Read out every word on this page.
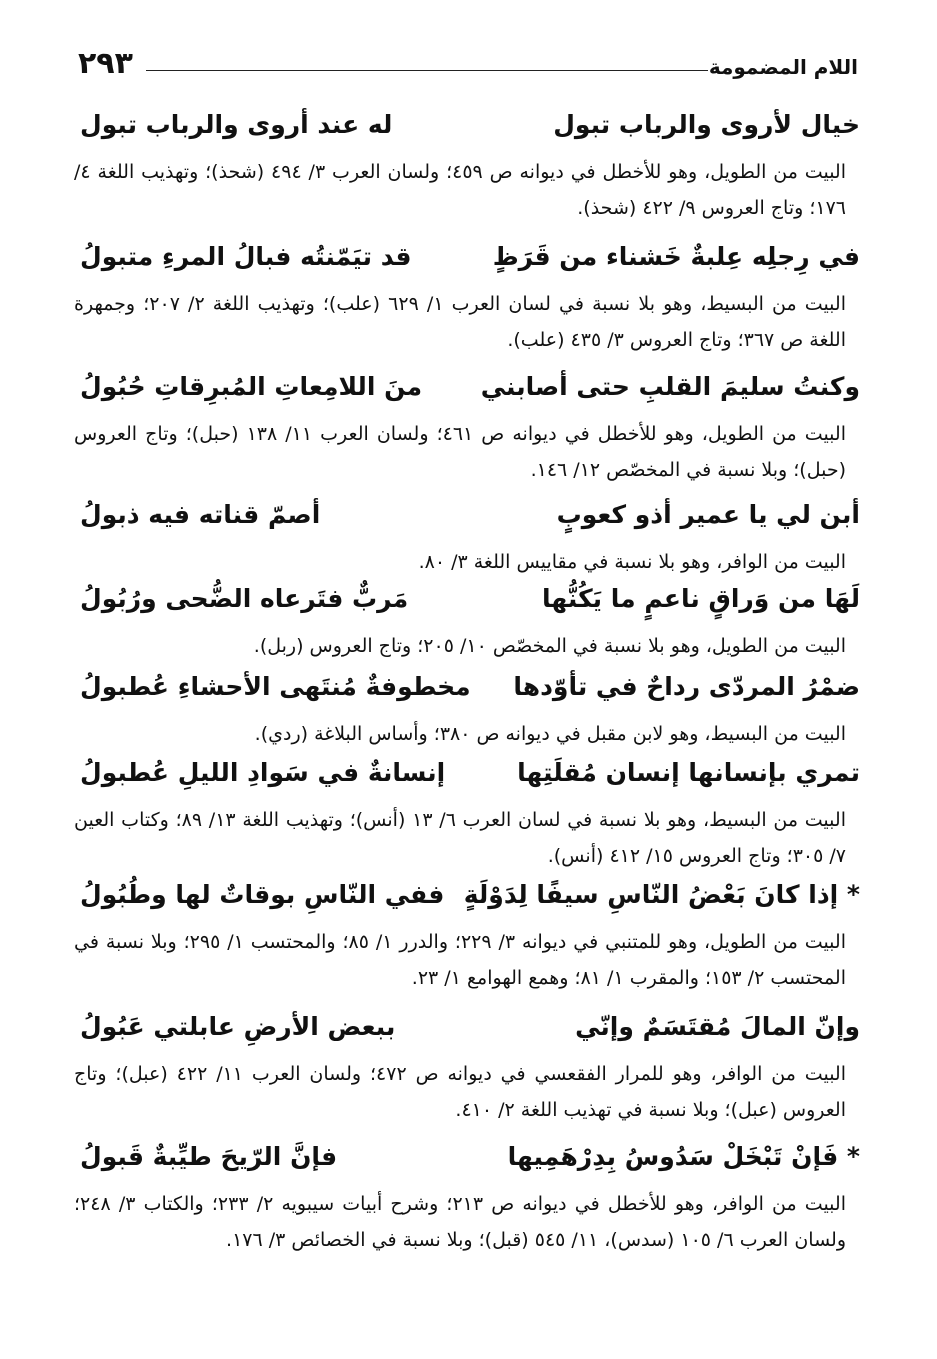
٢٩٣	اللام المضمومة
خيال لأروى والرباب تبول
له عند أروى والرباب تبول
البيت من الطويل، وهو للأخطل في ديوانه ص ٤٥٩؛ ولسان العرب ٣/ ٤٩٤ (شحذ)؛ وتهذيب اللغة ٤/ ١٧٦؛ وتاج العروس ٩/ ٤٢٢ (شحذ).
في رِجلِه عِلبةٌ خَشناء من قَرَظٍ
قد تيَمّنتُه فبالُ المرءِ متبولُ
البيت من البسيط، وهو بلا نسبة في لسان العرب ١/ ٦٢٩ (علب)؛ وتهذيب اللغة ٢/ ٢٠٧؛ وجمهرة اللغة ص ٣٦٧؛ وتاج العروس ٣/ ٤٣٥ (علب).
وكنتُ سليمَ القلبِ حتى أصابني
منَ اللامِعاتِ المُبرِقاتِ حُبُولُ
البيت من الطويل، وهو للأخطل في ديوانه ص ٤٦١؛ ولسان العرب ١١/ ١٣٨ (حبل)؛ وتاج العروس (حبل)؛ وبلا نسبة في المخصّص ١٢/ ١٤٦.
أبن لي يا عمير أذو كعوبٍ
أصمّ قناته فيه ذبولُ
البيت من الوافر، وهو بلا نسبة في مقاييس اللغة ٣/ ٨٠.
لَهَا من وَراقٍ ناعمٍ ما يَكُنُّها
مَربٌّ فتَرعاه الضُّحى ورُبُولُ
البيت من الطويل، وهو بلا نسبة في المخصّص ١٠/ ٢٠٥؛ وتاج العروس (ربل).
ضمْرُ المردّى رداحٌ في تأوّدها
مخطوفةٌ مُنتَهى الأحشاءِ عُطبولُ
البيت من البسيط، وهو لابن مقبل في ديوانه ص ٣٨٠؛ وأساس البلاغة (ردي).
تمري بإنسانها إنسان مُقلَتِها
إنسانةٌ في سَوادِ الليلِ عُطبولُ
البيت من البسيط، وهو بلا نسبة في لسان العرب ٦/ ١٣ (أنس)؛ وتهذيب اللغة ١٣/ ٨٩؛ وكتاب العين ٧/ ٣٠٥؛ وتاج العروس ١٥/ ٤١٢ (أنس).
* إذا كانَ بَعْضُ النّاسِ سيفًا لِدَوْلَةٍ
ففي النّاسِ بوقاتٌ لها وطُبُولُ
البيت من الطويل، وهو للمتنبي في ديوانه ٣/ ٢٢٩؛ والدرر ١/ ٨٥؛ والمحتسب ١/ ٢٩٥؛ وبلا نسبة في المحتسب ٢/ ١٥٣؛ والمقرب ١/ ٨١؛ وهمع الهوامع ١/ ٢٣.
وإنّ المالَ مُقتَسَمٌ وإنّي
ببعض الأرضِ عابلتي عَبُولُ
البيت من الوافر، وهو للمرار الفقعسي في ديوانه ص ٤٧٢؛ ولسان العرب ١١/ ٤٢٢ (عبل)؛ وتاج العروس (عبل)؛ وبلا نسبة في تهذيب اللغة ٢/ ٤١٠.
* فَإنْ تَبْخَلْ سَدُوسُ بِدِرْهَمِيها
فإنَّ الرّيحَ طيِّبةٌ قَبولُ
البيت من الوافر، وهو للأخطل في ديوانه ص ٢١٣؛ وشرح أبيات سيبويه ٢/ ٢٣٣؛ والكتاب ٣/ ٢٤٨؛ ولسان العرب ٦/ ١٠٥ (سدس)، ١١/ ٥٤٥ (قبل)؛ وبلا نسبة في الخصائص ٣/ ١٧٦.
